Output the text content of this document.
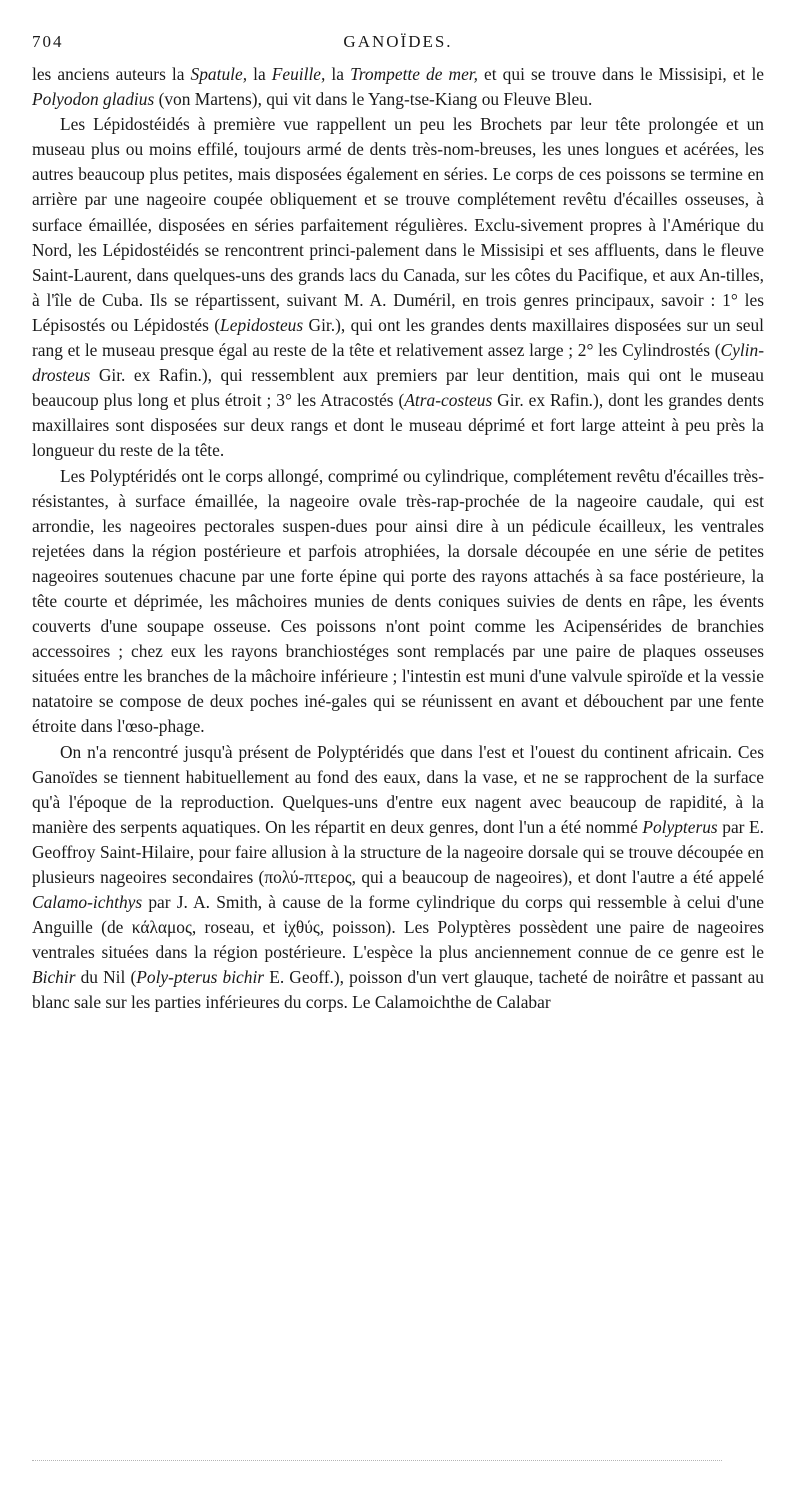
704	GANOÏDES.

les anciens auteurs la Spatule, la Feuille, la Trompette de mer, et qui se trouve dans le Missisipi, et le Polyodon gladius (von Martens), qui vit dans le Yang-tse-Kiang ou Fleuve Bleu.

Les Lépidostéidés à première vue rappellent un peu les Brochets par leur tête prolongée et un museau plus ou moins effilé, toujours armé de dents très-nom-breuses, les unes longues et acérées, les autres beaucoup plus petites, mais disposées également en séries. Le corps de ces poissons se termine en arrière par une nageoire coupée obliquement et se trouve complétement revêtu d'écailles osseuses, à surface émaillée, disposées en séries parfaitement régulières. Exclu-sivement propres à l'Amérique du Nord, les Lépidostéidés se rencontrent princi-palement dans le Missisipi et ses affluents, dans le fleuve Saint-Laurent, dans quelques-uns des grands lacs du Canada, sur les côtes du Pacifique, et aux An-tilles, à l'île de Cuba. Ils se répartissent, suivant M. A. Duméril, en trois genres principaux, savoir : 1° les Lépisostés ou Lépidostés (Lepidosteus Gir.), qui ont les grandes dents maxillaires disposées sur un seul rang et le museau presque égal au reste de la tête et relativement assez large ; 2° les Cylindrostés (Cylin-drosteus Gir. ex Rafin.), qui ressemblent aux premiers par leur dentition, mais qui ont le museau beaucoup plus long et plus étroit ; 3° les Atracostés (Atra-costeus Gir. ex Rafin.), dont les grandes dents maxillaires sont disposées sur deux rangs et dont le museau déprimé et fort large atteint à peu près la longueur du reste de la tête.

Les Polyptéridés ont le corps allongé, comprimé ou cylindrique, complétement revêtu d'écailles très-résistantes, à surface émaillée, la nageoire ovale très-rap-prochée de la nageoire caudale, qui est arrondie, les nageoires pectorales suspen-dues pour ainsi dire à un pédicule écailleux, les ventrales rejetées dans la région postérieure et parfois atrophiées, la dorsale découpée en une série de petites nageoires soutenues chacune par une forte épine qui porte des rayons attachés à sa face postérieure, la tête courte et déprimée, les mâchoires munies de dents coniques suivies de dents en râpe, les évents couverts d'une soupape osseuse. Ces poissons n'ont point comme les Acipensérides de branchies accessoires ; chez eux les rayons branchiostéges sont remplacés par une paire de plaques osseuses situées entre les branches de la mâchoire inférieure ; l'intestin est muni d'une valvule spiroïde et la vessie natatoire se compose de deux poches iné-gales qui se réunissent en avant et débouchent par une fente étroite dans l'œso-phage.

On n'a rencontré jusqu'à présent de Polyptéridés que dans l'est et l'ouest du continent africain. Ces Ganoïdes se tiennent habituellement au fond des eaux, dans la vase, et ne se rapprochent de la surface qu'à l'époque de la reproduction. Quelques-uns d'entre eux nagent avec beaucoup de rapidité, à la manière des serpents aquatiques. On les répartit en deux genres, dont l'un a été nommé Polypterus par E. Geoffroy Saint-Hilaire, pour faire allusion à la structure de la nageoire dorsale qui se trouve découpée en plusieurs nageoires secondaires (πολύ-πτερος, qui a beaucoup de nageoires), et dont l'autre a été appelé Calamo-ichthys par J. A. Smith, à cause de la forme cylindrique du corps qui ressemble à celui d'une Anguille (de κάλαμος, roseau, et ἰχθύς, poisson). Les Polyptères possèdent une paire de nageoires ventrales situées dans la région postérieure. L'espèce la plus anciennement connue de ce genre est le Bichir du Nil (Poly-pterus bichir E. Geoff.), poisson d'un vert glauque, tacheté de noirâtre et passant au blanc sale sur les parties inférieures du corps. Le Calamoichthe de Calabar
